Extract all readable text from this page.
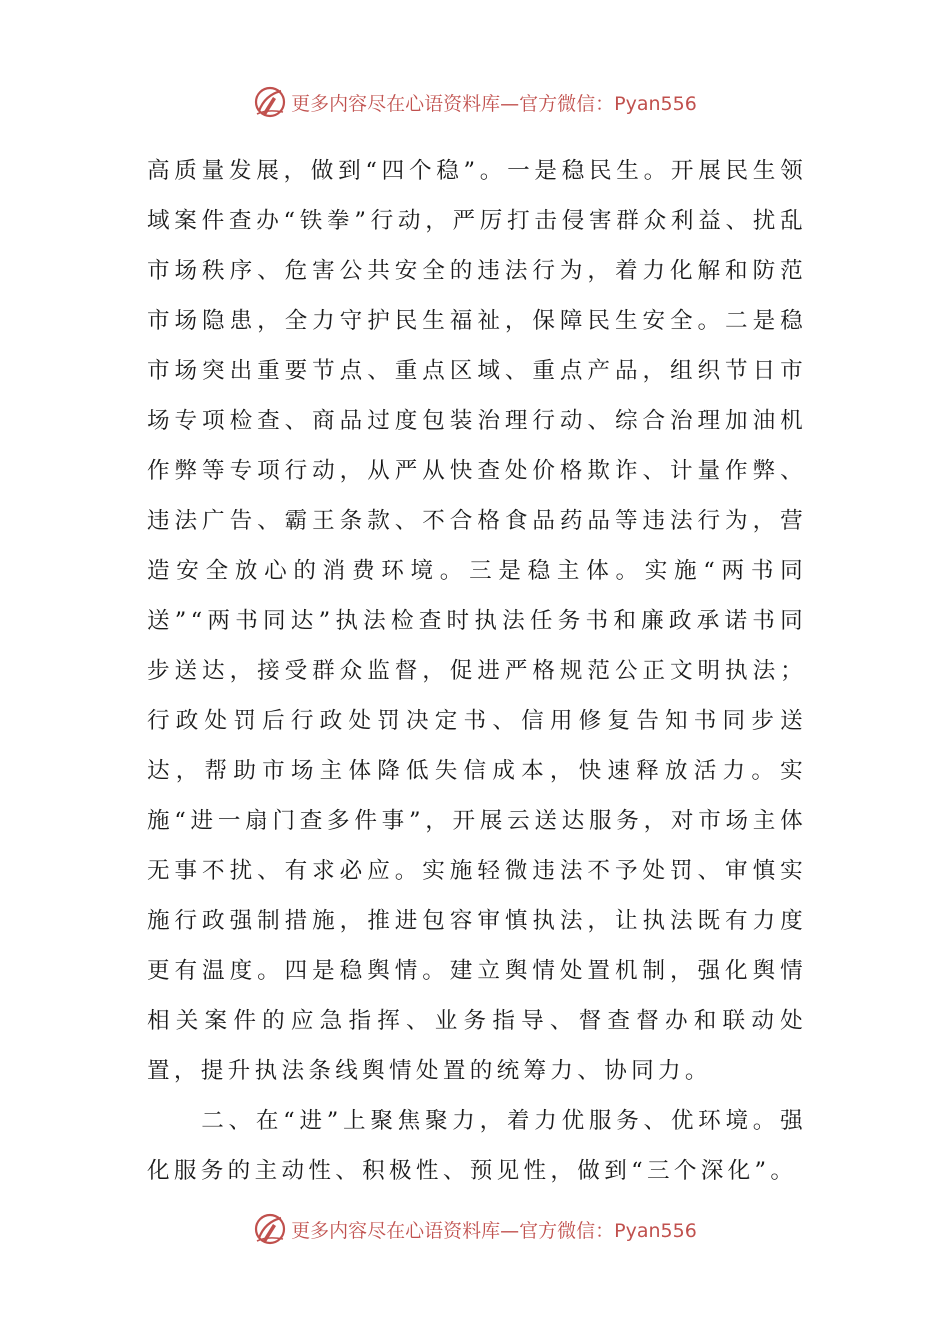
更多内容尽在心语资料库—官方微信：Pyan556

高质量发展，做到“四个稳”。一是稳民生。开展民生领域案件查办“铁拳”行动，严厉打击侵害群众利益、扰乱市场秩序、危害公共安全的违法行为，着力化解和防范市场隐患，全力守护民生福祉，保障民生安全。二是稳市场突出重要节点、重点区域、重点产品，组织节日市场专项检查、商品过度包装治理行动、综合治理加油机作弊等专项行动，从严从快查处价格欺诈、计量作弊、违法广告、霸王条款、不合格食品药品等违法行为，营造安全放心的消费环境。三是稳主体。实施“两书同送”“两书同达”执法检查时执法任务书和廉政承诺书同步送达，接受群众监督，促进严格规范公正文明执法；行政处罚后行政处罚决定书、信用修复告知书同步送达，帮助市场主体降低失信成本，快速释放活力。实施“进一扇门查多件事”，开展云送达服务，对市场主体无事不扰、有求必应。实施轻微违法不予处罚、审慎实施行政强制措施，推进包容审慎执法，让执法既有力度更有温度。四是稳舆情。建立舆情处置机制，强化舆情相关案件的应急指挥、业务指导、督查督办和联动处置，提升执法条线舆情处置的统筹力、协同力。

二、在“进”上聚焦聚力，着力优服务、优环境。强化服务的主动性、积极性、预见性，做到“三个深化”。

更多内容尽在心语资料库—官方微信：Pyan556
